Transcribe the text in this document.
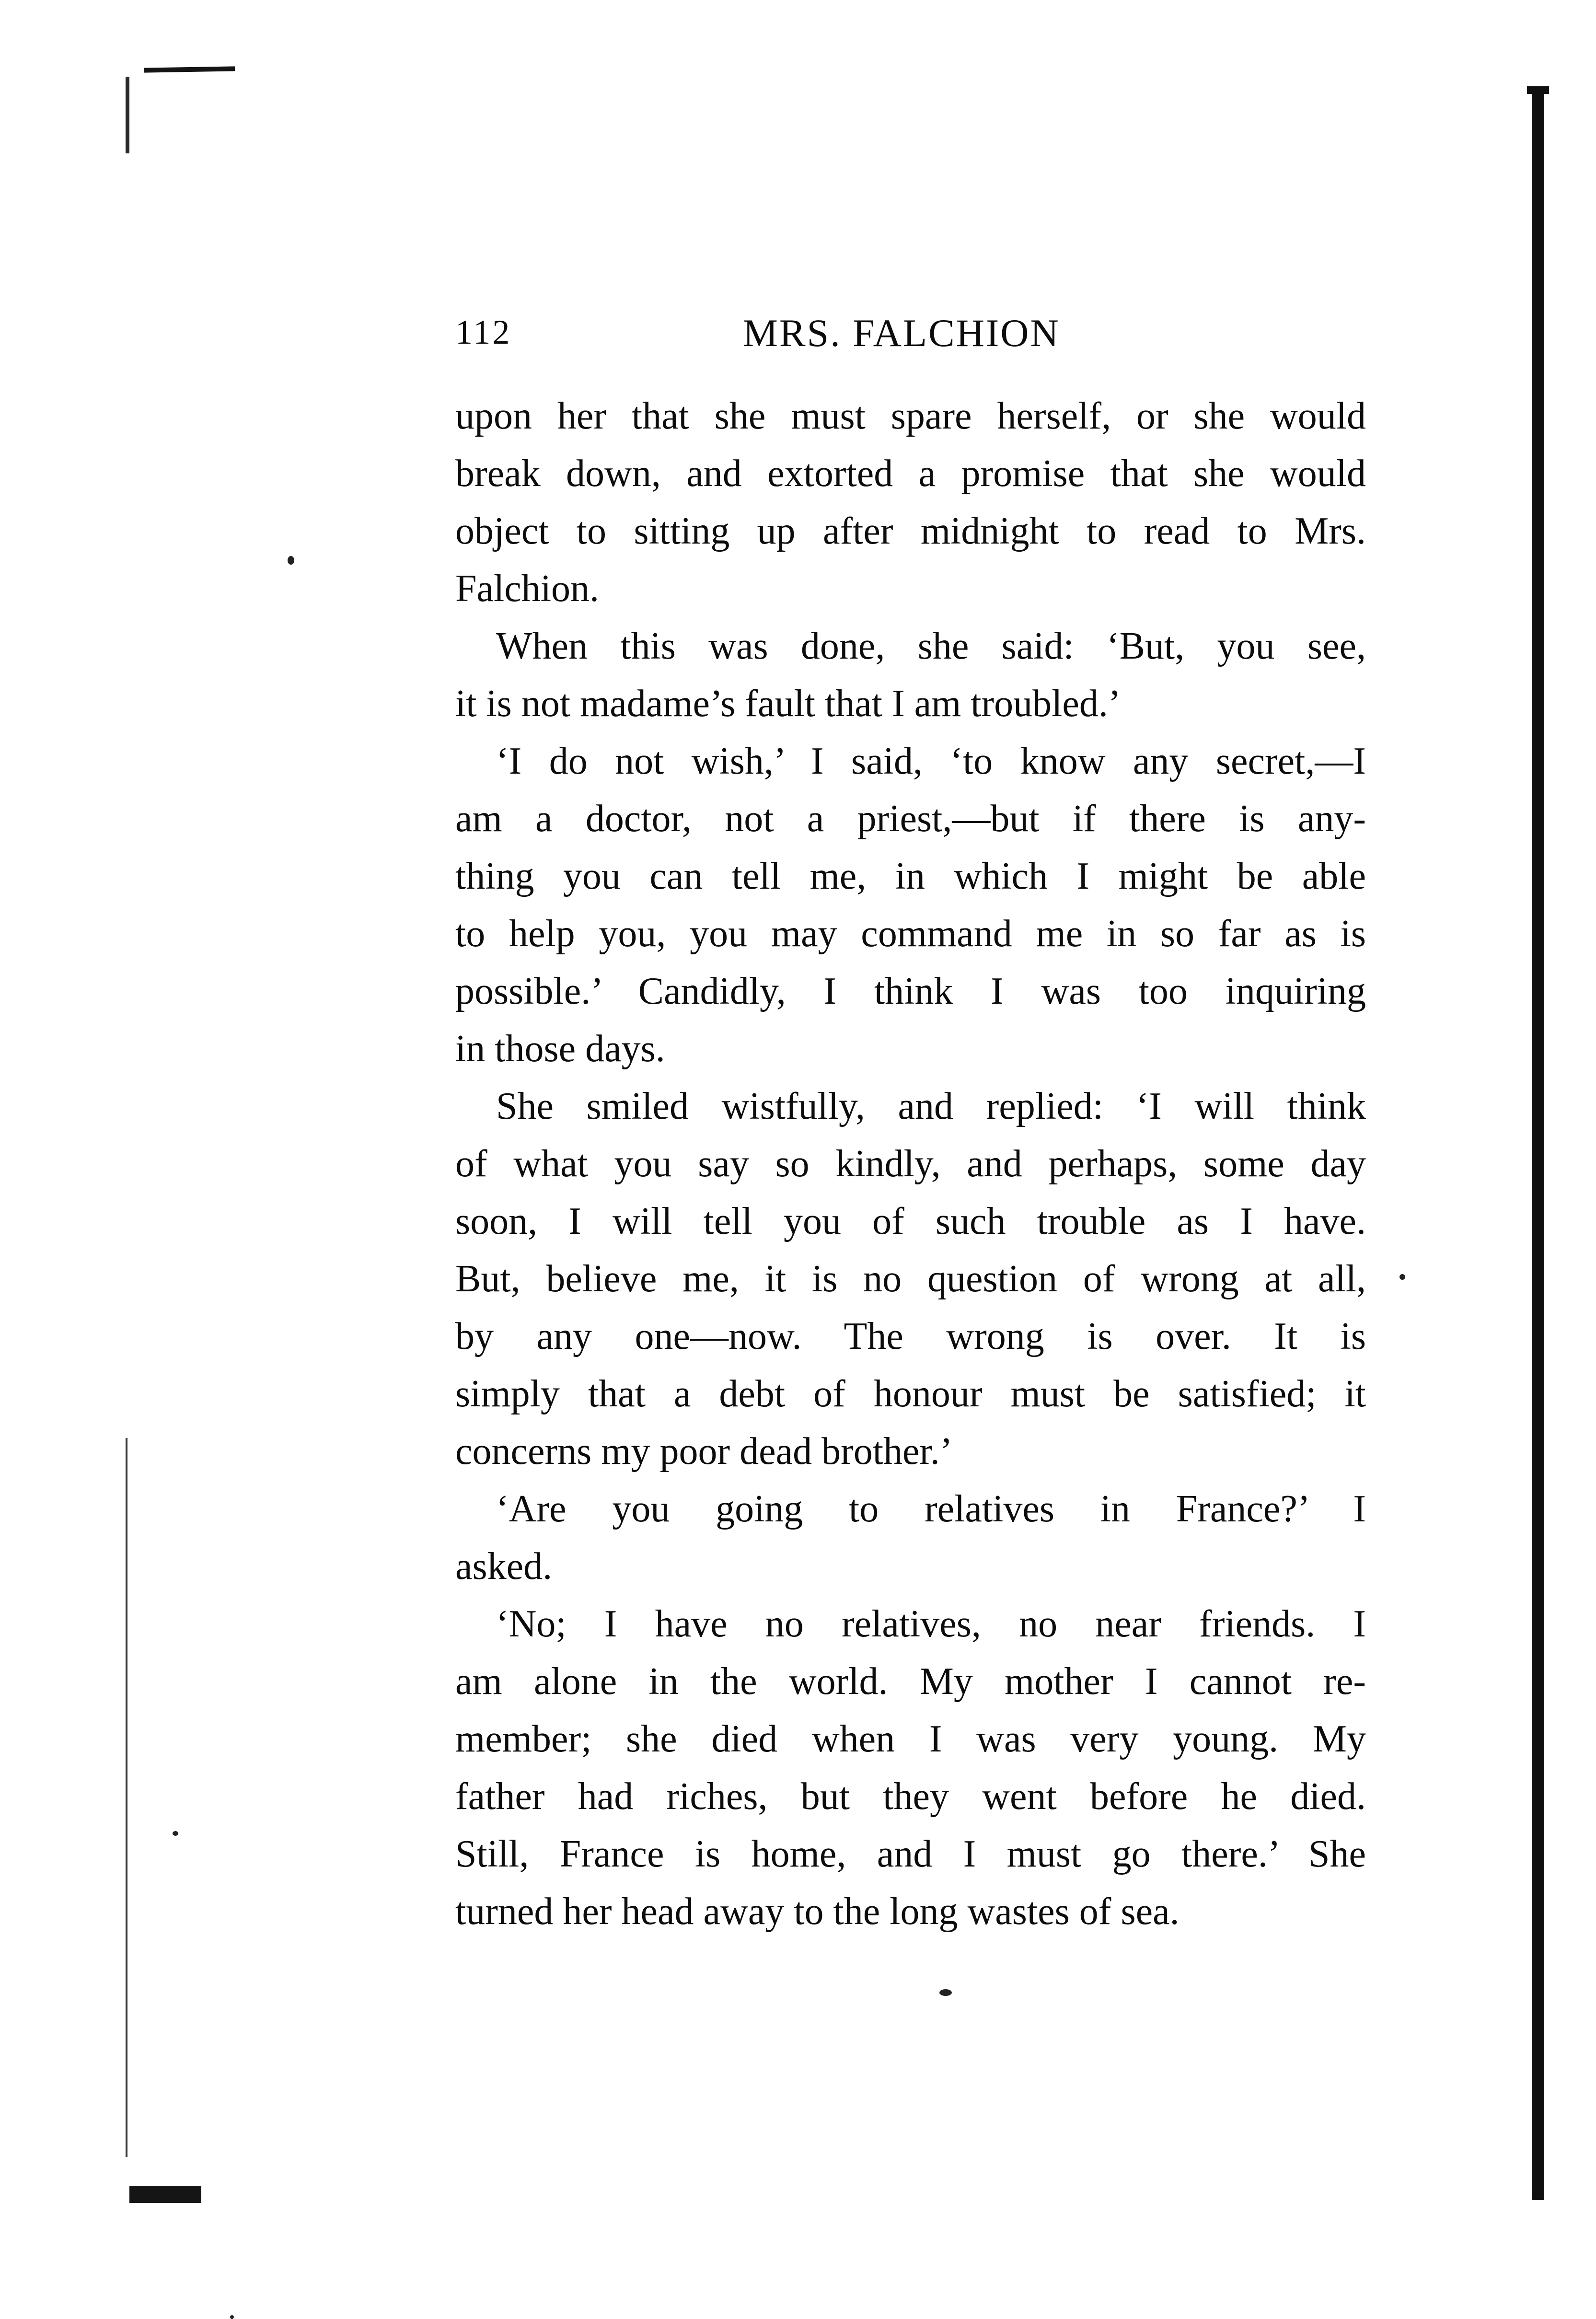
112	MRS. FALCHION
upon her that she must spare herself, or she would
break down, and extorted a promise that she would
object to sitting up after midnight to read to Mrs.
Falchion.
When this was done, she said: ‘But, you see,
it is not madame’s fault that I am troubled.’
‘I do not wish,’ I said, ‘to know any secret,—I
am a doctor, not a priest,—but if there is any-
thing you can tell me, in which I might be able
to help you, you may command me in so far as is
possible.’ Candidly, I think I was too inquiring
in those days.
She smiled wistfully, and replied: ‘I will think
of what you say so kindly, and perhaps, some day
soon, I will tell you of such trouble as I have.
But, believe me, it is no question of wrong at all,
by any one—now. The wrong is over. It is
simply that a debt of honour must be satisfied; it
concerns my poor dead brother.’
‘Are you going to relatives in France?’ I
asked.
‘No; I have no relatives, no near friends. I
am alone in the world. My mother I cannot re-
member; she died when I was very young. My
father had riches, but they went before he died.
Still, France is home, and I must go there.’ She
turned her head away to the long wastes of sea.
